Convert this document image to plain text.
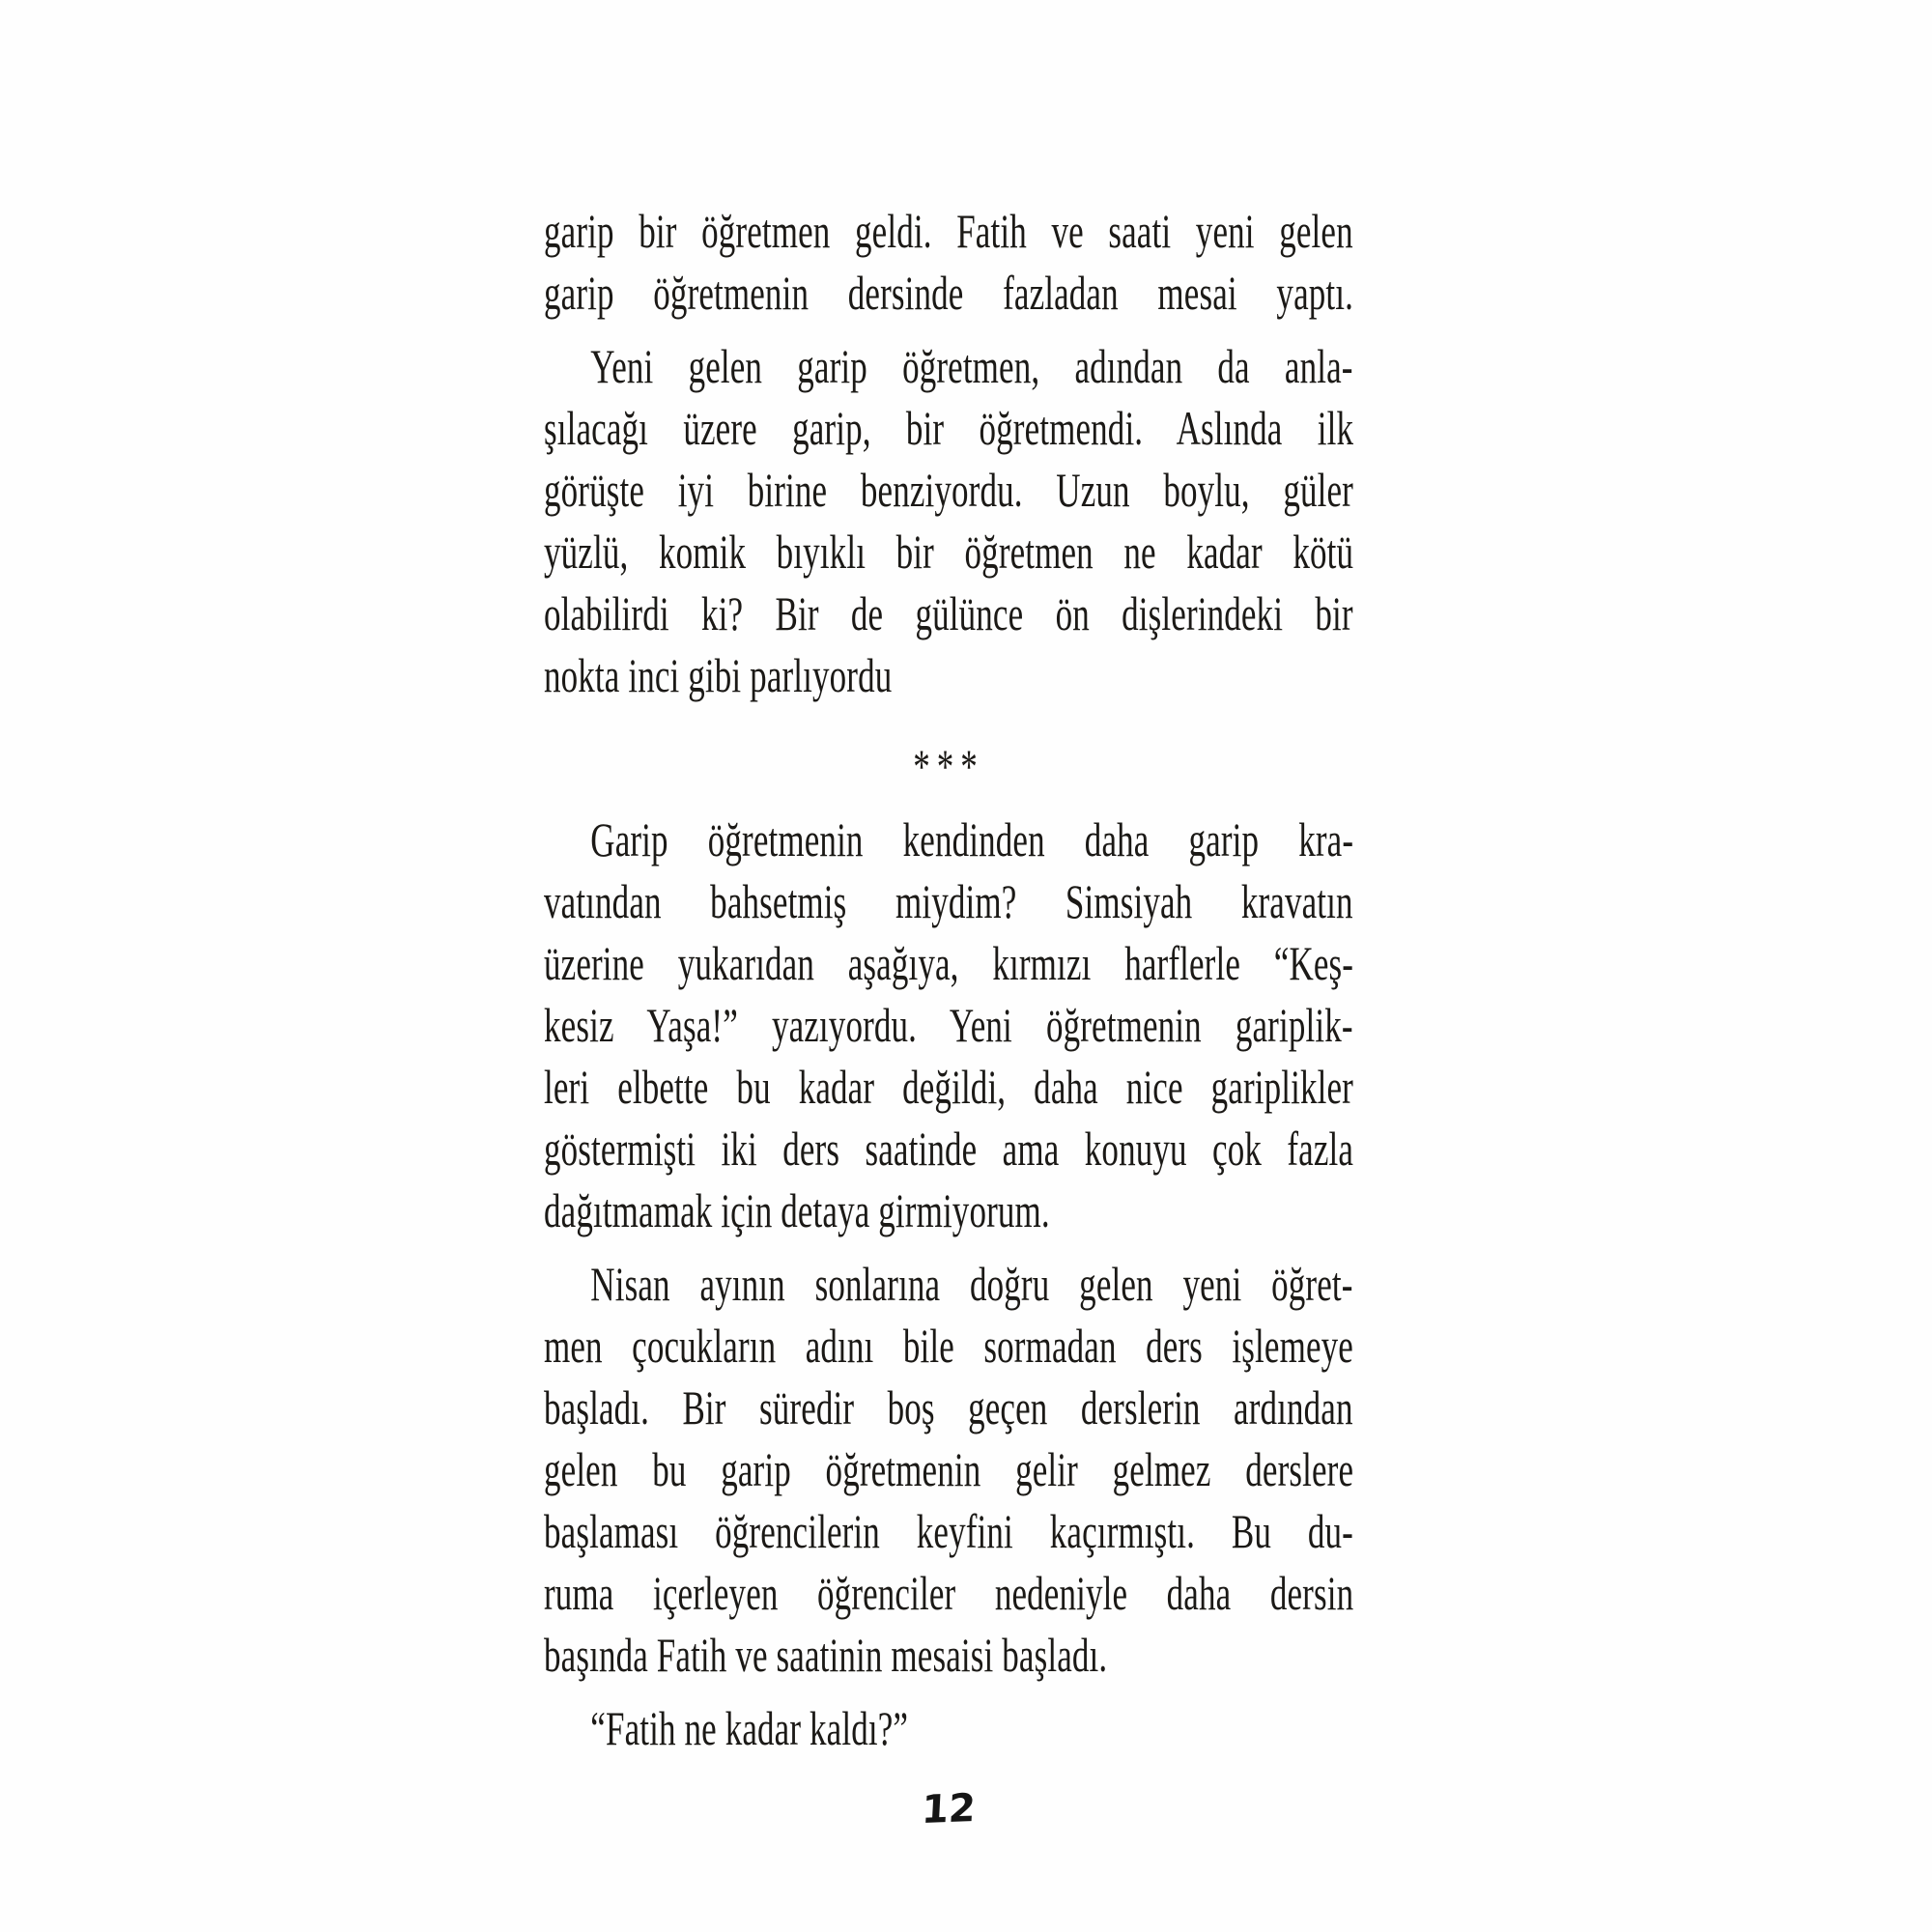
garip bir öğretmen geldi. Fatih ve saati yeni gelen
garip öğretmenin dersinde fazladan mesai yaptı.
Yeni gelen garip öğretmen, adından da anla-
şılacağı üzere garip, bir öğretmendi. Aslında ilk
görüşte iyi birine benziyordu. Uzun boylu, güler
yüzlü, komik bıyıklı bir öğretmen ne kadar kötü
olabilirdi ki? Bir de gülünce ön dişlerindeki bir
nokta inci gibi parlıyordu
***
Garip öğretmenin kendinden daha garip kra-
vatından bahsetmiş miydim? Simsiyah kravatın
üzerine yukarıdan aşağıya, kırmızı harflerle “Keş-
kesiz Yaşa!” yazıyordu. Yeni öğretmenin gariplik-
leri elbette bu kadar değildi, daha nice gariplikler
göstermişti iki ders saatinde ama konuyu çok fazla
dağıtmamak için detaya girmiyorum.
Nisan ayının sonlarına doğru gelen yeni öğret-
men çocukların adını bile sormadan ders işlemeye
başladı. Bir süredir boş geçen derslerin ardından
gelen bu garip öğretmenin gelir gelmez derslere
başlaması öğrencilerin keyfini kaçırmıştı. Bu du-
ruma içerleyen öğrenciler nedeniyle daha dersin
başında Fatih ve saatinin mesaisi başladı.
“Fatih ne kadar kaldı?”
12
